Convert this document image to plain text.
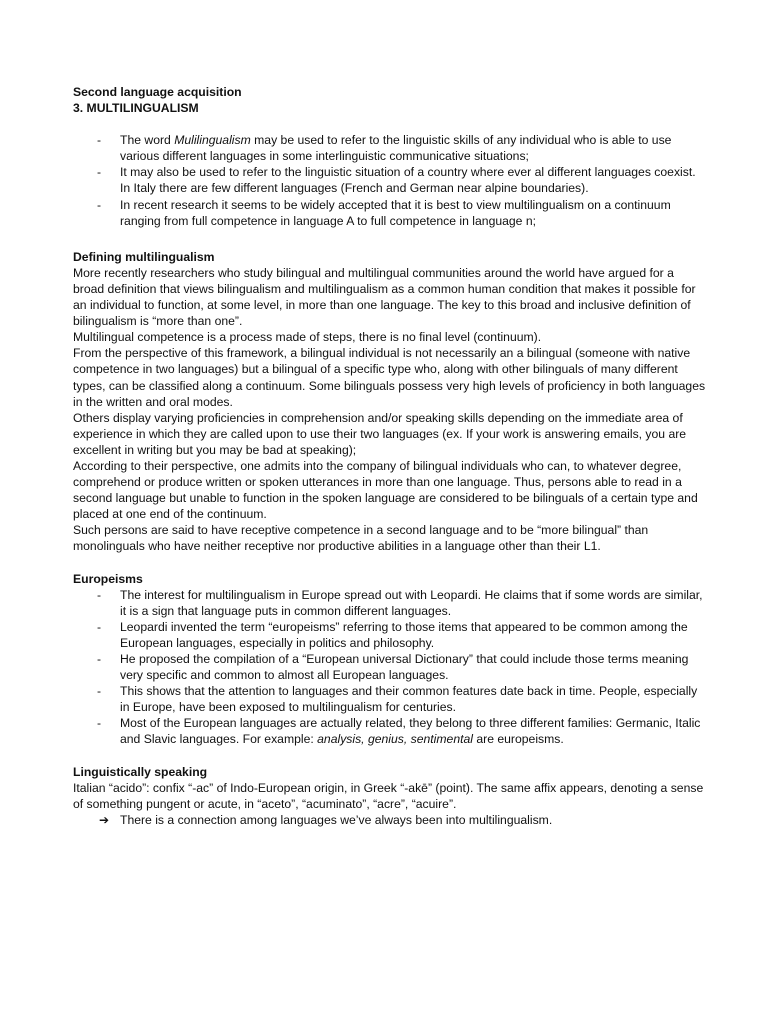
Second language acquisition
3. MULTILINGUALISM
- The word Mulilingualism may be used to refer to the linguistic skills of any individual who is able to use various different languages in some interlinguistic communicative situations;
- It may also be used to refer to the linguistic situation of a country where ever al different languages coexist. In Italy there are few different languages (French and German near alpine boundaries).
- In recent research it seems to be widely accepted that it is best to view multilingualism on a continuum ranging from full competence in language A to full competence in language n;
Defining multilingualism

More recently researchers who study bilingual and multilingual communities around the world have argued for a broad definition that views bilingualism and multilingualism as a common human condition that makes it possible for an individual to function, at some level, in more than one language. The key to this broad and inclusive definition of bilingualism is “more than one”.

Multilingual competence is a process made of steps, there is no final level (continuum).

From the perspective of this framework, a bilingual individual is not necessarily an a bilingual (someone with native competence in two languages) but a bilingual of a specific type who, along with other bilinguals of many different types, can be classified along a continuum. Some bilinguals possess very high levels of proficiency in both languages in the written and oral modes.

Others display varying proficiencies in comprehension and/or speaking skills depending on the immediate area of experience in which they are called upon to use their two languages (ex. If your work is answering emails, you are excellent in writing but you may be bad at speaking);

According to their perspective, one admits into the company of bilingual individuals who can, to whatever degree, comprehend or produce written or spoken utterances in more than one language. Thus, persons able to read in a second language but unable to function in the spoken language are considered to be bilinguals of a certain type and placed at one end of the continuum.

Such persons are said to have receptive competence in a second language and to be “more bilingual” than monolinguals who have neither receptive nor productive abilities in a language other than their L1.

Europeisms
- The interest for multilingualism in Europe spread out with Leopardi. He claims that if some words are similar, it is a sign that language puts in common different languages.
- Leopardi invented the term “europeisms” referring to those items that appeared to be common among the European languages, especially in politics and philosophy.
- He proposed the compilation of a “European universal Dictionary” that could include those terms meaning very specific and common to almost all European languages.
- This shows that the attention to languages and their common features date back in time. People, especially in Europe, have been exposed to multilingualism for centuries.
- Most of the European languages are actually related, they belong to three different families: Germanic, Italic and Slavic languages. For example: analysis, genius, sentimental are europeisms.
Linguistically speaking

Italian “acido”: confix “-ac” of Indo-European origin, in Greek “-akē” (point). The same affix appears, denoting a sense of something pungent or acute, in “aceto”, “acuminato”, “acre”, “acuire”.

➔ There is a connection among languages we’ve always been into multilingualism.
